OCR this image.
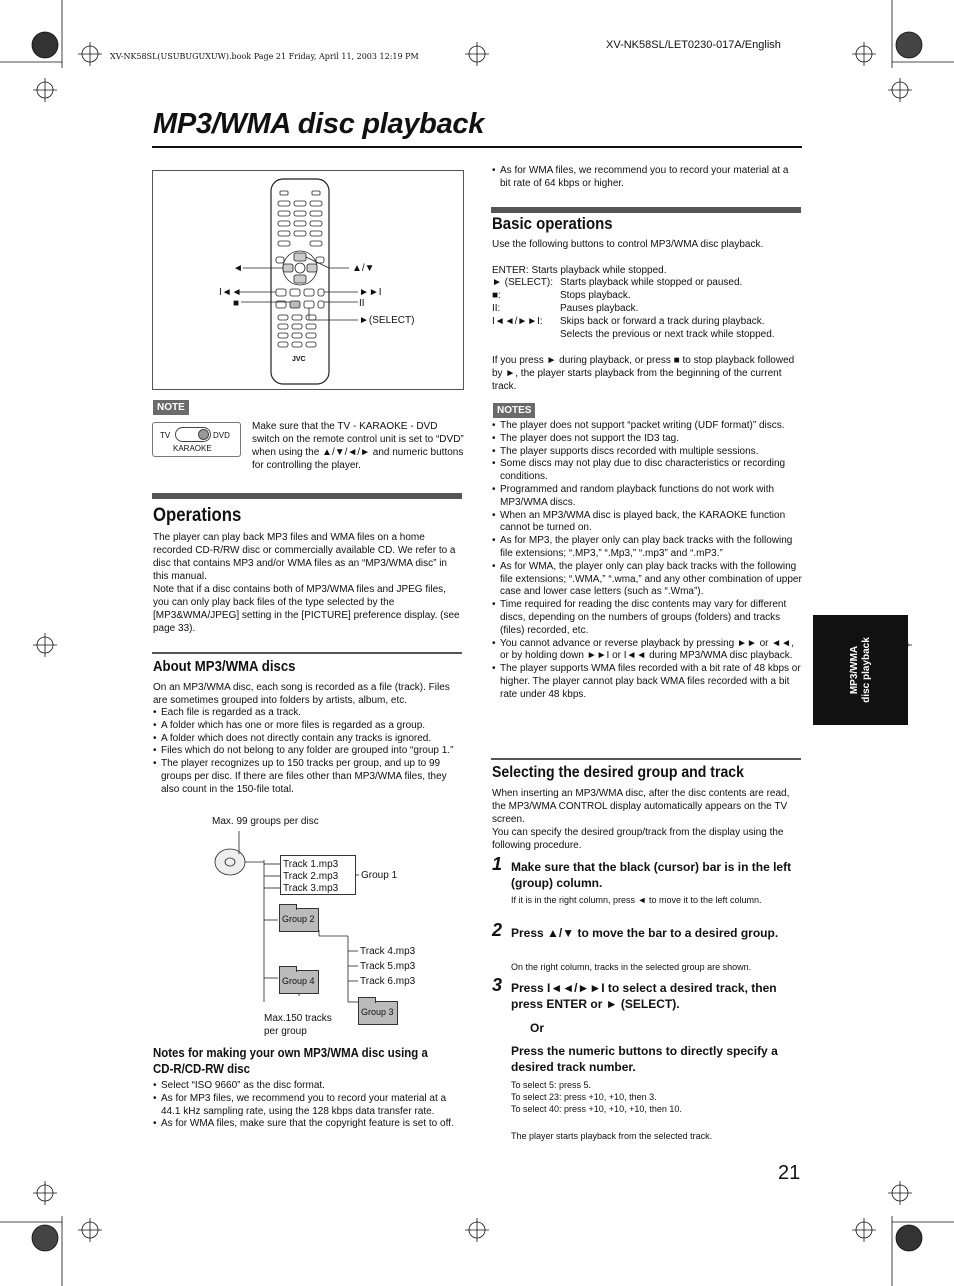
XV-NK58SL(USUBUGUXUW).book Page 21 Friday, April 11, 2003 12:19 PM
XV-NK58SL/LET0230-017A/English
MP3/WMA disc playback
◄	▲/▼
I◄◄
■
►►I
II
►(SELECT)
JVC
NOTE
TV	DVD
KARAOKE
Make sure that the TV - KARAOKE - DVD switch on the remote control unit is set to “DVD” when using the ▲/▼/◄/► and numeric buttons for controlling the player.
Operations
The player can play back MP3 files and WMA files on a home recorded CD-R/RW disc or commercially available CD. We refer to a disc that contains MP3 and/or WMA files as an “MP3/WMA disc” in this manual.
Note that if a disc contains both of MP3/WMA files and JPEG files, you can only play back files of the type selected by the [MP3&WMA/JPEG] setting in the [PICTURE] preference display. (see page 33).
About MP3/WMA discs
On an MP3/WMA disc, each song is recorded as a file (track). Files are sometimes grouped into folders by artists, album, etc.
• Each file is regarded as a track.
• A folder which has one or more files is regarded as a group.
• A folder which does not directly contain any tracks is ignored.
• Files which do not belong to any folder are grouped into “group 1.”
• The player recognizes up to 150 tracks per group, and up to 99 groups per disc. If there are files other than MP3/WMA files, they also count in the 150-file total.
Max. 99 groups per disc
Track 1.mp3
Track 2.mp3
Track 3.mp3
Group 1
Group 2
Track 4.mp3
Track 5.mp3
Track 6.mp3
Group 4
Group 3
Max.150 tracks per group
Notes for making your own MP3/WMA disc using a CD-R/CD-RW disc
• Select “ISO 9660” as the disc format.
• As for MP3 files, we recommend you to record your material at a 44.1 kHz sampling rate, using the 128 kbps data transfer rate.
• As for WMA files, make sure that the copyright feature is set to off.
• As for WMA files, we recommend you to record your material at a bit rate of 64 kbps or higher.
Basic operations
Use the following buttons to control MP3/WMA disc playback.
ENTER: Starts playback while stopped.
► (SELECT): Starts playback while stopped or paused.
■:	Stops playback.
II:	Pauses playback.
I◄◄/►►I: Skips back or forward a track during playback.
Selects the previous or next track while stopped.
If you press ► during playback, or press ■ to stop playback followed by ►, the player starts playback from the beginning of the current track.
NOTES
• The player does not support “packet writing (UDF format)” discs.
• The player does not support the ID3 tag.
• The player supports discs recorded with multiple sessions.
• Some discs may not play due to disc characteristics or recording conditions.
• Programmed and random playback functions do not work with MP3/WMA discs.
• When an MP3/WMA disc is played back, the KARAOKE function cannot be turned on.
• As for MP3, the player only can play back tracks with the following file extensions; “.MP3,” “.Mp3,” “.mp3” and “.mP3.”
• As for WMA, the player only can play back tracks with the following file extensions; “.WMA,” “.wma,” and any other combination of upper case and lower case letters (such as “.Wma”).
• Time required for reading the disc contents may vary for different discs, depending on the numbers of groups (folders) and tracks (files) recorded, etc.
• You cannot advance or reverse playback by pressing ►► or ◄◄, or by holding down ►►I or I◄◄ during MP3/WMA disc playback.
• The player supports WMA files recorded with a bit rate of 48 kbps or higher. The player cannot play back WMA files recorded with a bit rate under 48 kbps.
Selecting the desired group and track
When inserting an MP3/WMA disc, after the disc contents are read, the MP3/WMA CONTROL display automatically appears on the TV screen.
You can specify the desired group/track from the display using the following procedure.
1 Make sure that the black (cursor) bar is in the left (group) column.
If it is in the right column, press ◄ to move it to the left column.
2 Press ▲/▼ to move the bar to a desired group.
On the right column, tracks in the selected group are shown.
3 Press I◄◄/►►I to select a desired track, then press ENTER or ► (SELECT).
Or
Press the numeric buttons to directly specify a desired track number.
To select 5: press 5.
To select 23: press +10, +10, then 3.
To select 40: press +10, +10, +10, then 10.
The player starts playback from the selected track.
MP3/WMA disc playback
21
